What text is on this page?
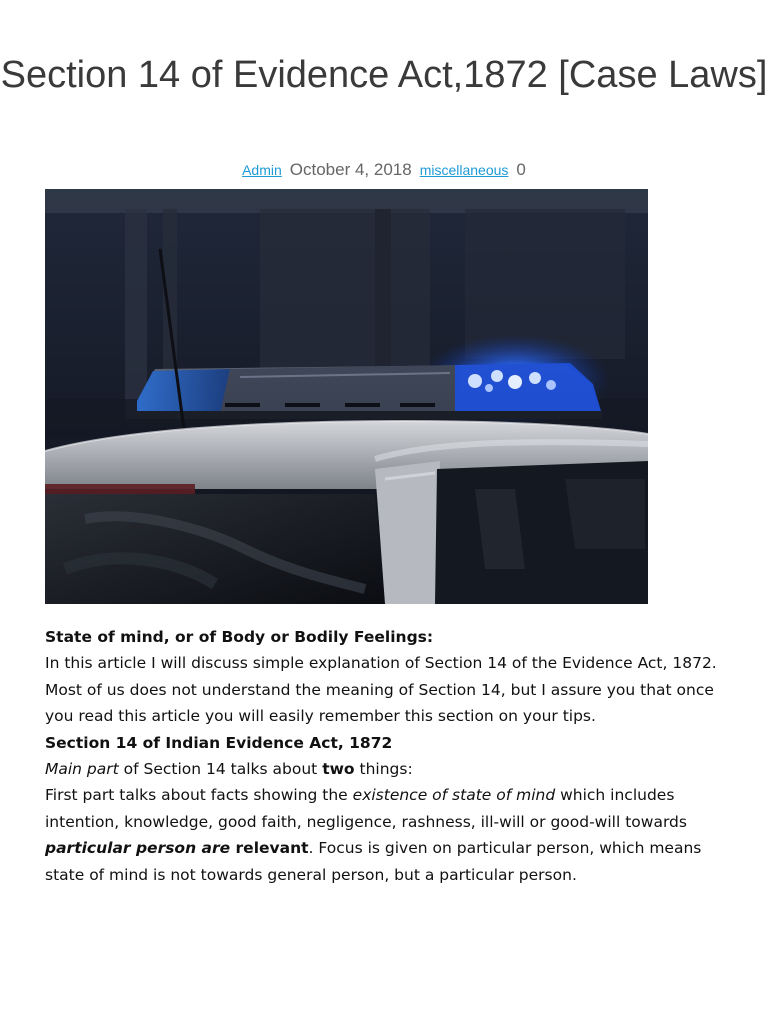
Section 14 of Evidence Act,1872 [Case Laws]
Admin October 4, 2018 miscellaneous 0

State of mind, or of Body or Bodily Feelings:

In this article I will discuss simple explanation of Section 14 of the Evidence Act, 1872. Most of us does not understand the meaning of Section 14, but I assure you that once you read this article you will easily remember this section on your tips.

Section 14 of Indian Evidence Act, 1872

Main part of Section 14 talks about two things:

First part talks about facts showing the existence of state of mind which includes intention, knowledge, good faith, negligence, rashness, ill-will or good-will towards particular person are relevant. Focus is given on particular person, which means state of mind is not towards general person, but a particular person.
